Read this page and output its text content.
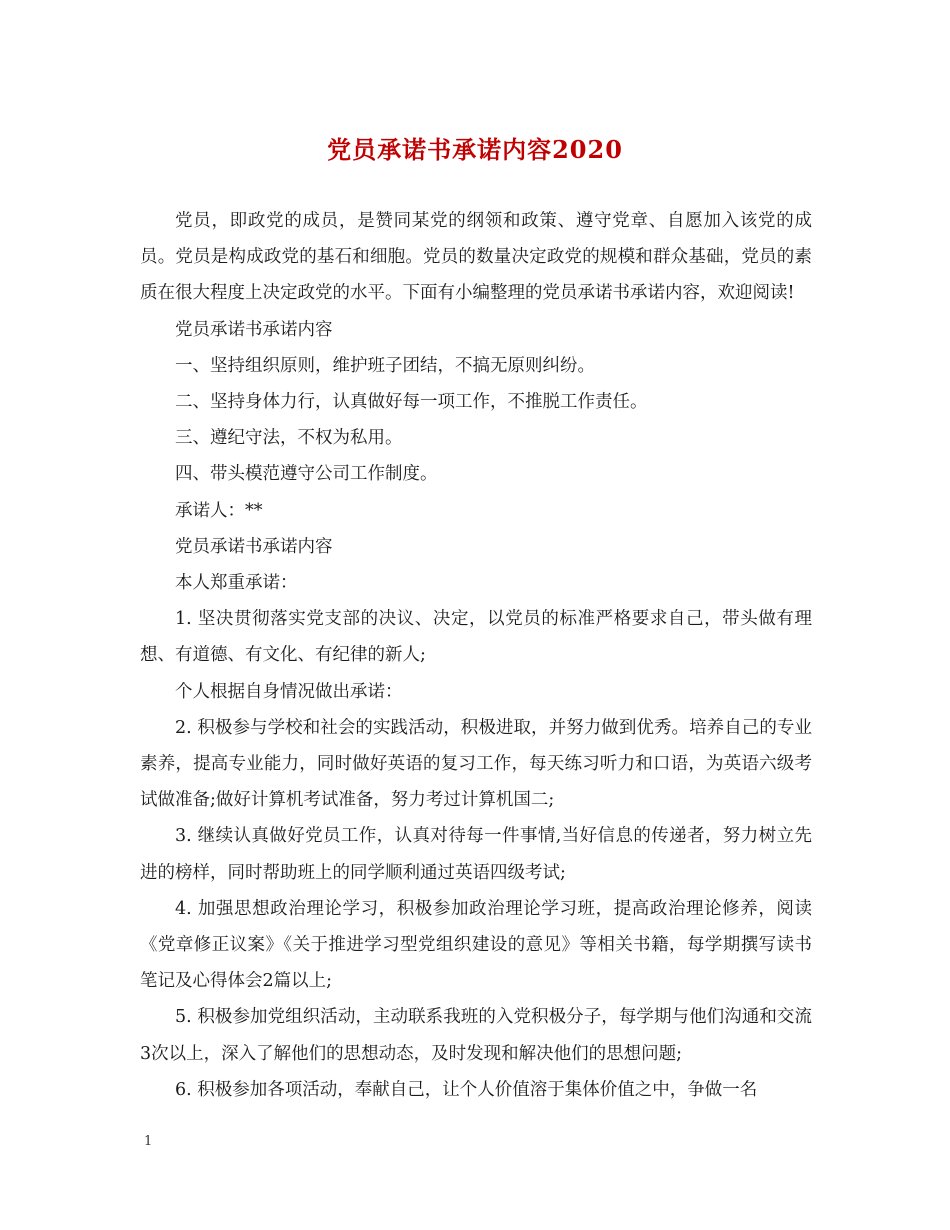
党员承诺书承诺内容2020

党员，即政党的成员，是赞同某党的纲领和政策、遵守党章、自愿加入该党的成员。党员是构成政党的基石和细胞。党员的数量决定政党的规模和群众基础，党员的素质在很大程度上决定政党的水平。下面有小编整理的党员承诺书承诺内容，欢迎阅读!

党员承诺书承诺内容

一、坚持组织原则，维护班子团结，不搞无原则纠纷。

二、坚持身体力行，认真做好每一项工作，不推脱工作责任。

三、遵纪守法，不权为私用。

四、带头模范遵守公司工作制度。

承诺人：**

党员承诺书承诺内容

本人郑重承诺：

1. 坚决贯彻落实党支部的决议、决定，以党员的标准严格要求自己，带头做有理想、有道德、有文化、有纪律的新人;

个人根据自身情况做出承诺：

2. 积极参与学校和社会的实践活动，积极进取，并努力做到优秀。培养自己的专业素养，提高专业能力，同时做好英语的复习工作，每天练习听力和口语，为英语六级考试做准备;做好计算机考试准备，努力考过计算机国二;

3. 继续认真做好党员工作，认真对待每一件事情,当好信息的传递者，努力树立先进的榜样，同时帮助班上的同学顺利通过英语四级考试;

4. 加强思想政治理论学习，积极参加政治理论学习班，提高政治理论修养，阅读《党章修正议案》《关于推进学习型党组织建设的意见》等相关书籍，每学期撰写读书笔记及心得体会2篇以上;

5. 积极参加党组织活动，主动联系我班的入党积极分子，每学期与他们沟通和交流3次以上，深入了解他们的思想动态，及时发现和解决他们的思想问题;

6. 积极参加各项活动，奉献自己，让个人价值溶于集体价值之中，争做一名

1
